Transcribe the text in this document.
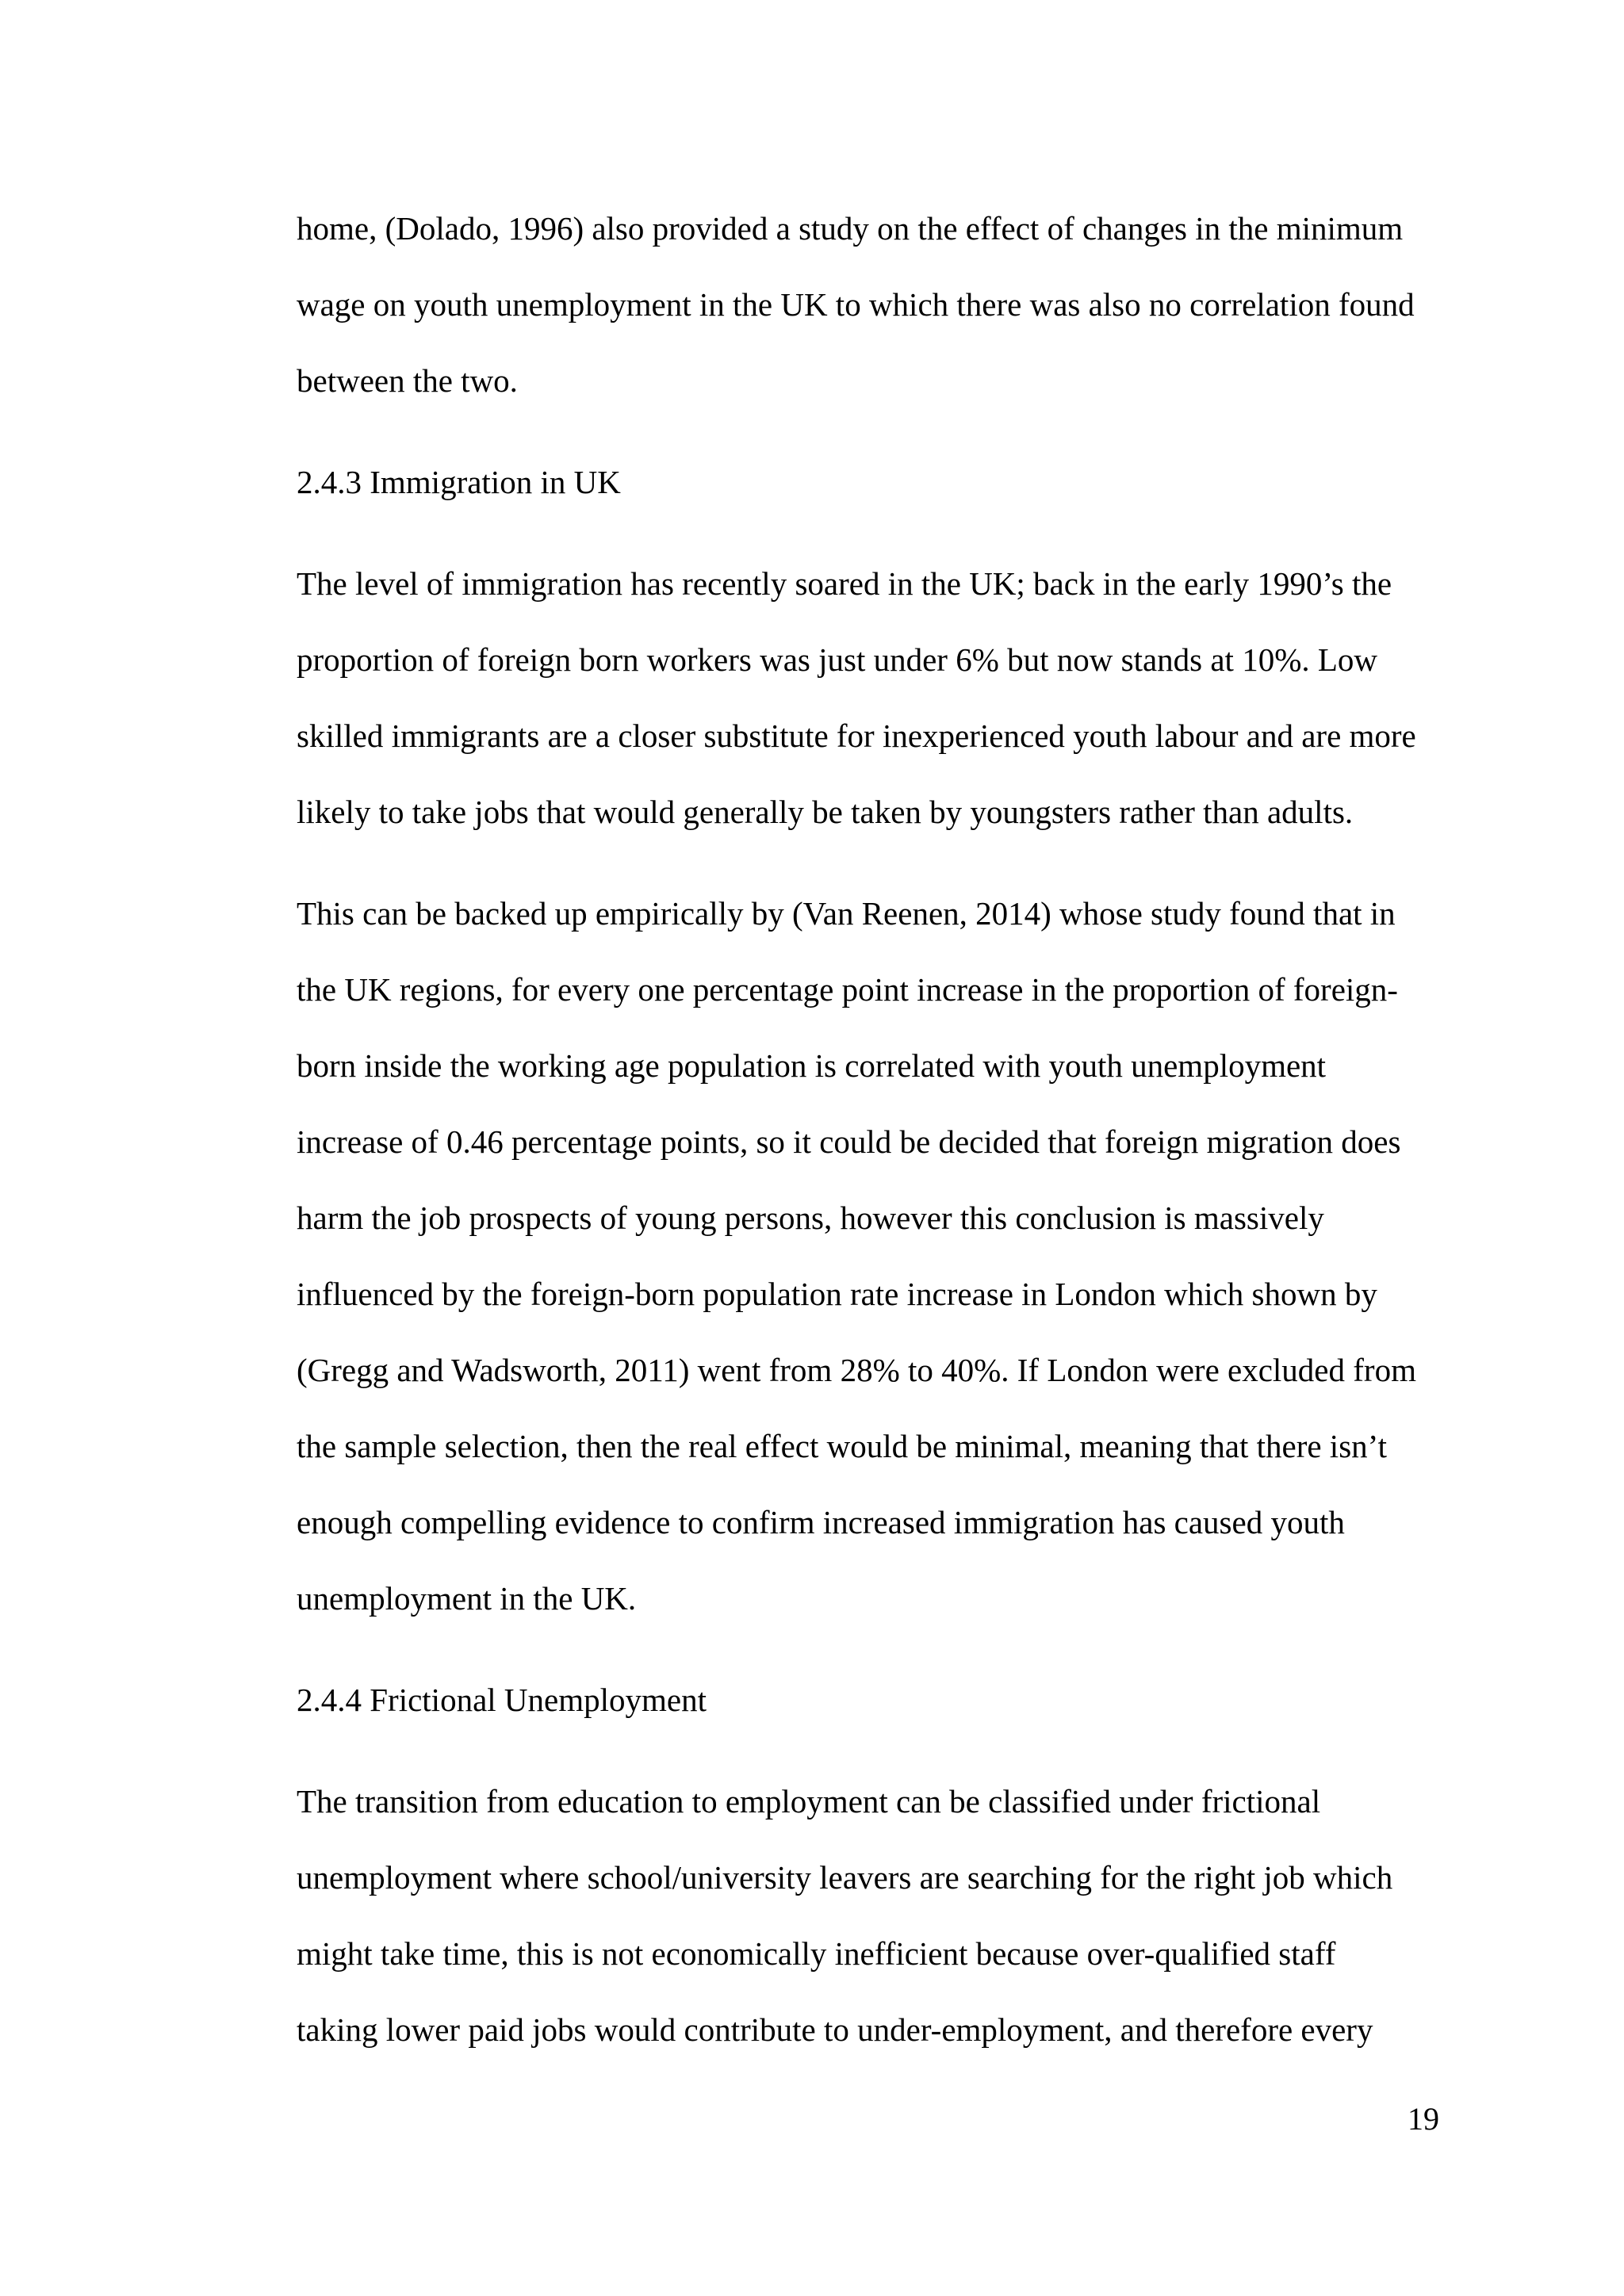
home, (Dolado, 1996) also provided a study on the effect of changes in the minimum
wage on youth unemployment in the UK to which there was also no correlation found
between the two.
2.4.3 Immigration in UK
The level of immigration has recently soared in the UK; back in the early 1990’s the
proportion of foreign born workers was just under 6% but now stands at 10%. Low
skilled immigrants are a closer substitute for inexperienced youth labour and are more
likely to take jobs that would generally be taken by youngsters rather than adults.
This can be backed up empirically by (Van Reenen, 2014) whose study found that in
the UK regions, for every one percentage point increase in the proportion of foreign-
born inside the working age population is correlated with youth unemployment
increase of 0.46 percentage points, so it could be decided that foreign migration does
harm the job prospects of young persons, however this conclusion is massively
influenced by the foreign-born population rate increase in London which shown by
(Gregg and Wadsworth, 2011) went from 28% to 40%. If London were excluded from
the sample selection, then the real effect would be minimal, meaning that there isn’t
enough compelling evidence to confirm increased immigration has caused youth
unemployment in the UK.
2.4.4 Frictional Unemployment
The transition from education to employment can be classified under frictional
unemployment where school/university leavers are searching for the right job which
might take time, this is not economically inefficient because over-qualified staff
taking lower paid jobs would contribute to under-employment, and therefore every
19
